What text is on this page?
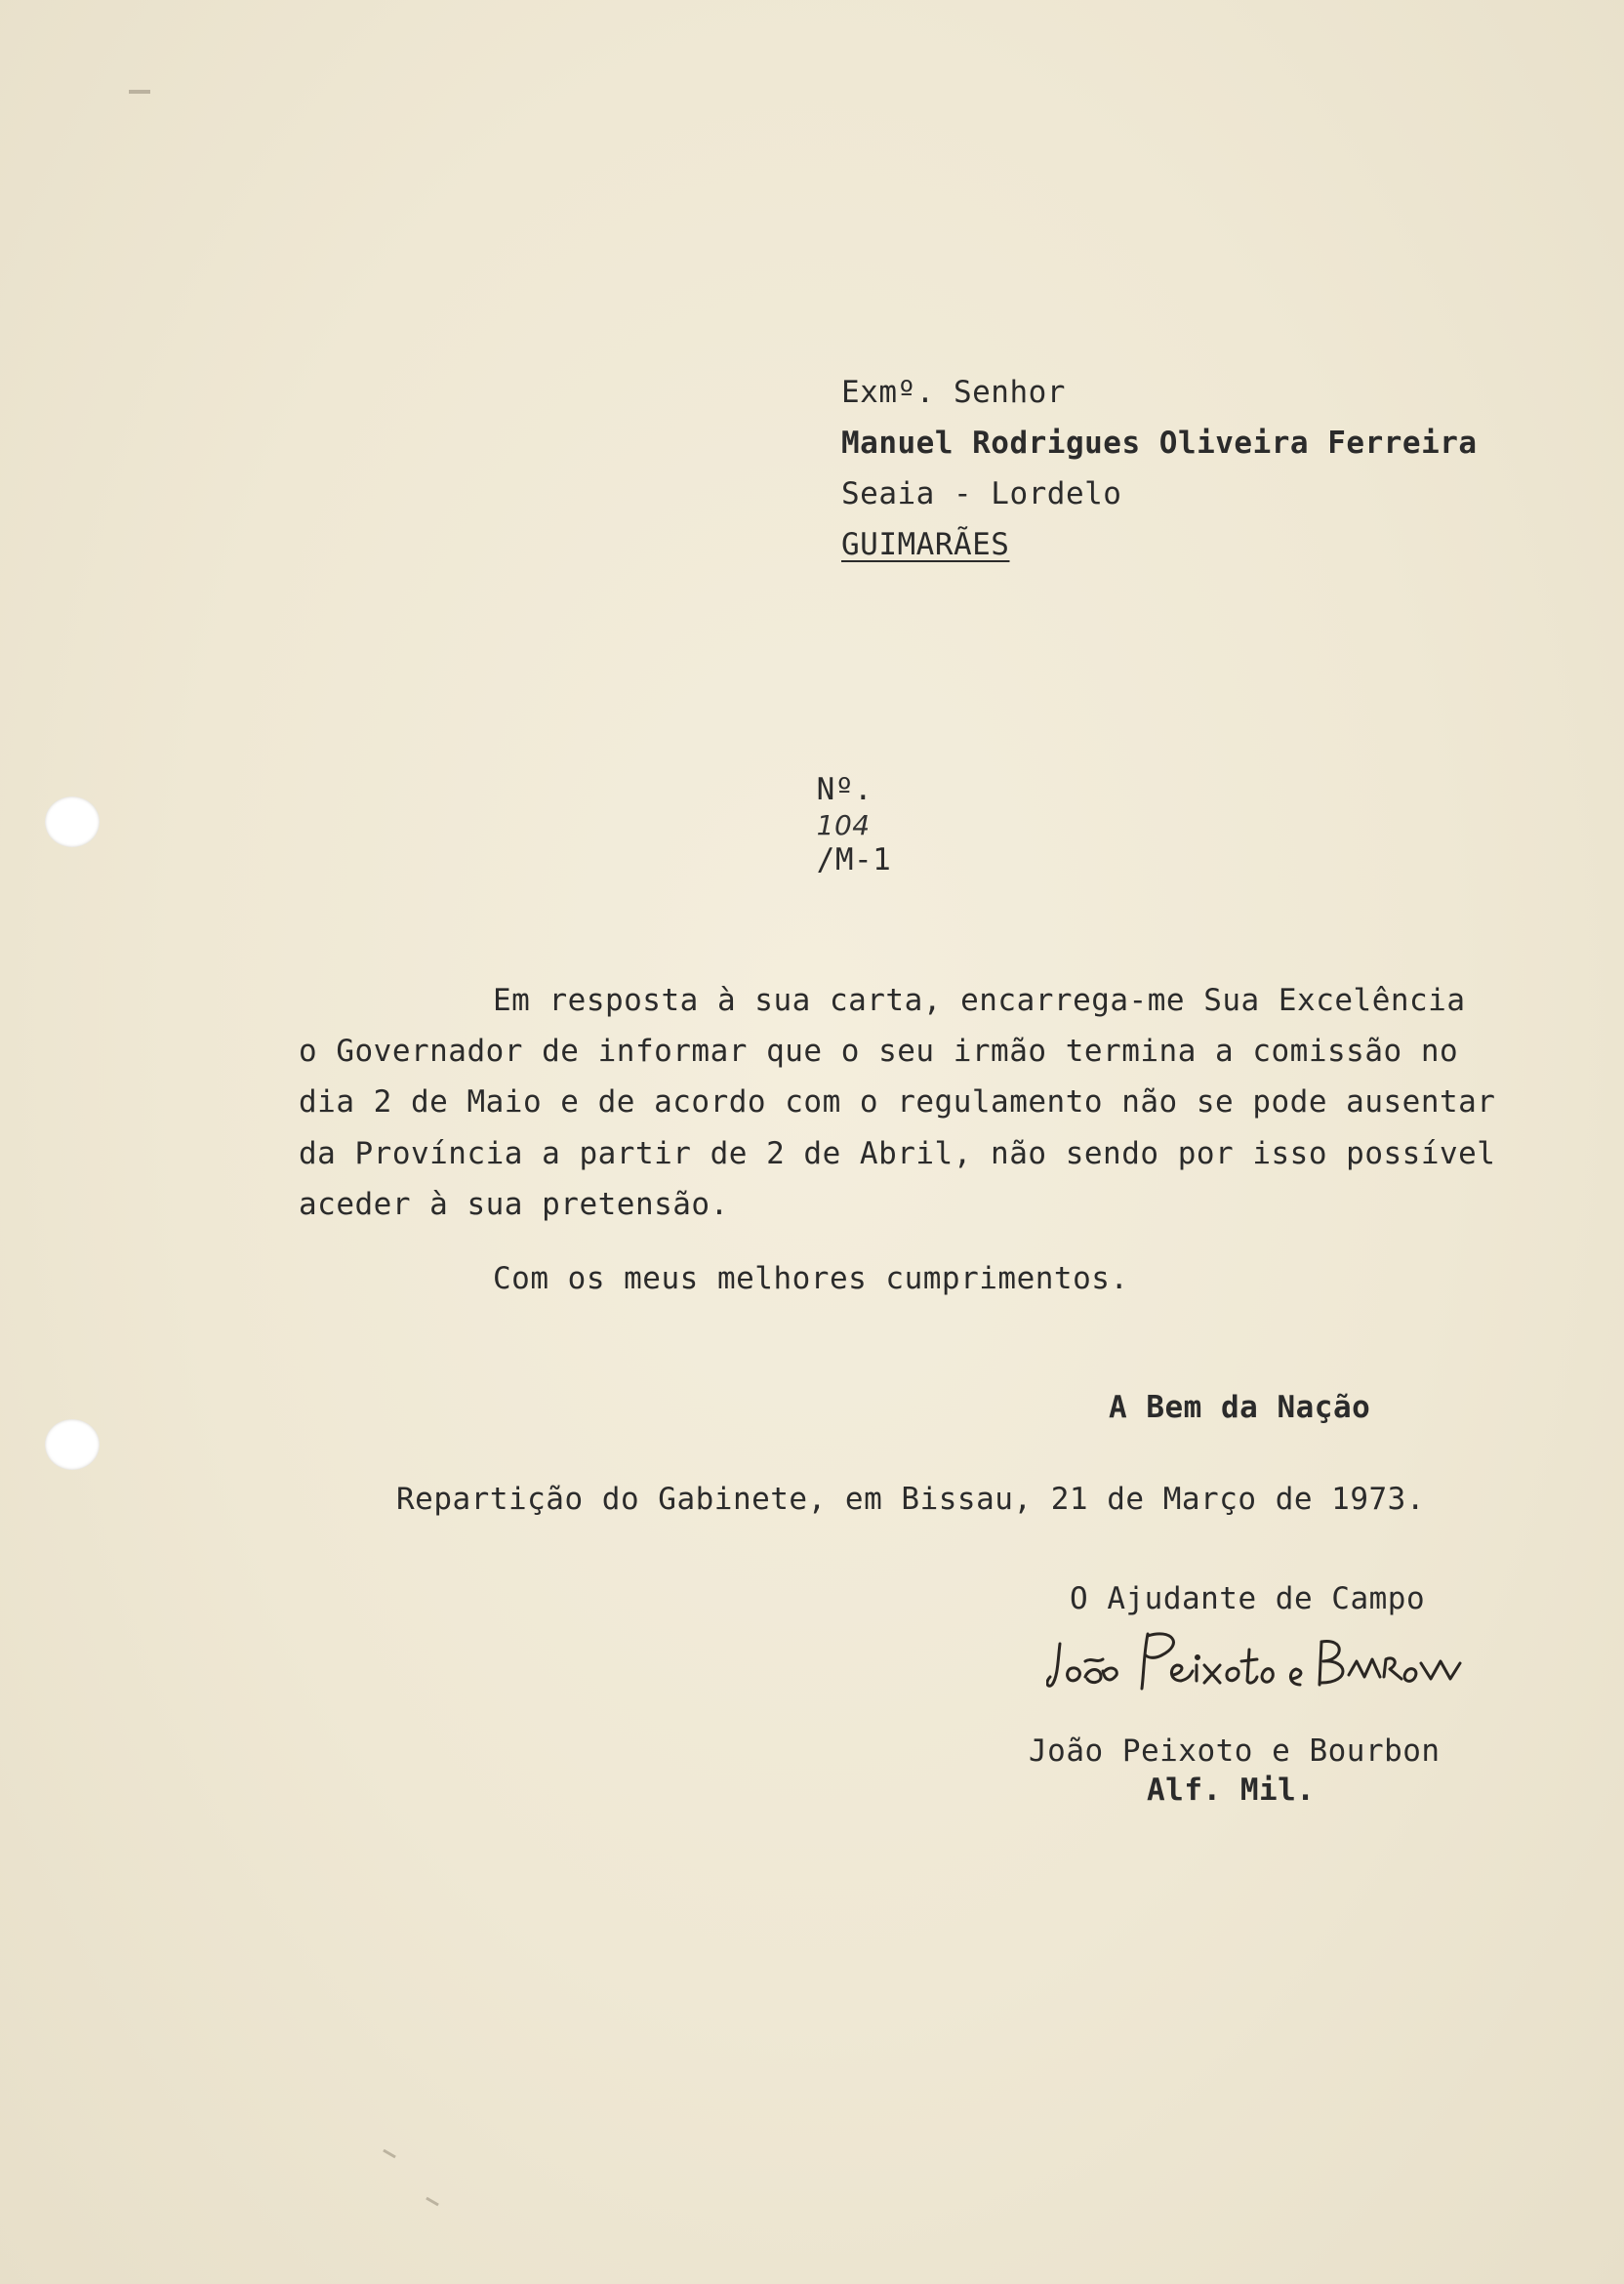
Exmº. Senhor
Manuel Rodrigues Oliveira Ferreira
Seaia - Lordelo
GUIMARÃES

Nº.
104
/M-1

Em resposta à sua carta, encarrega-me Sua Excelência
o Governador de informar que o seu irmão termina a comissão no
dia 2 de Maio e de acordo com o regulamento não se pode ausentar
da Província a partir de 2 de Abril, não sendo por isso possível
aceder à sua pretensão.
Com os meus melhores cumprimentos.
A Bem da Nação
Repartição do Gabinete, em Bissau, 21 de Março de 1973.
O Ajudante de Campo
João Peixoto e Bourbon
Alf. Mil.
